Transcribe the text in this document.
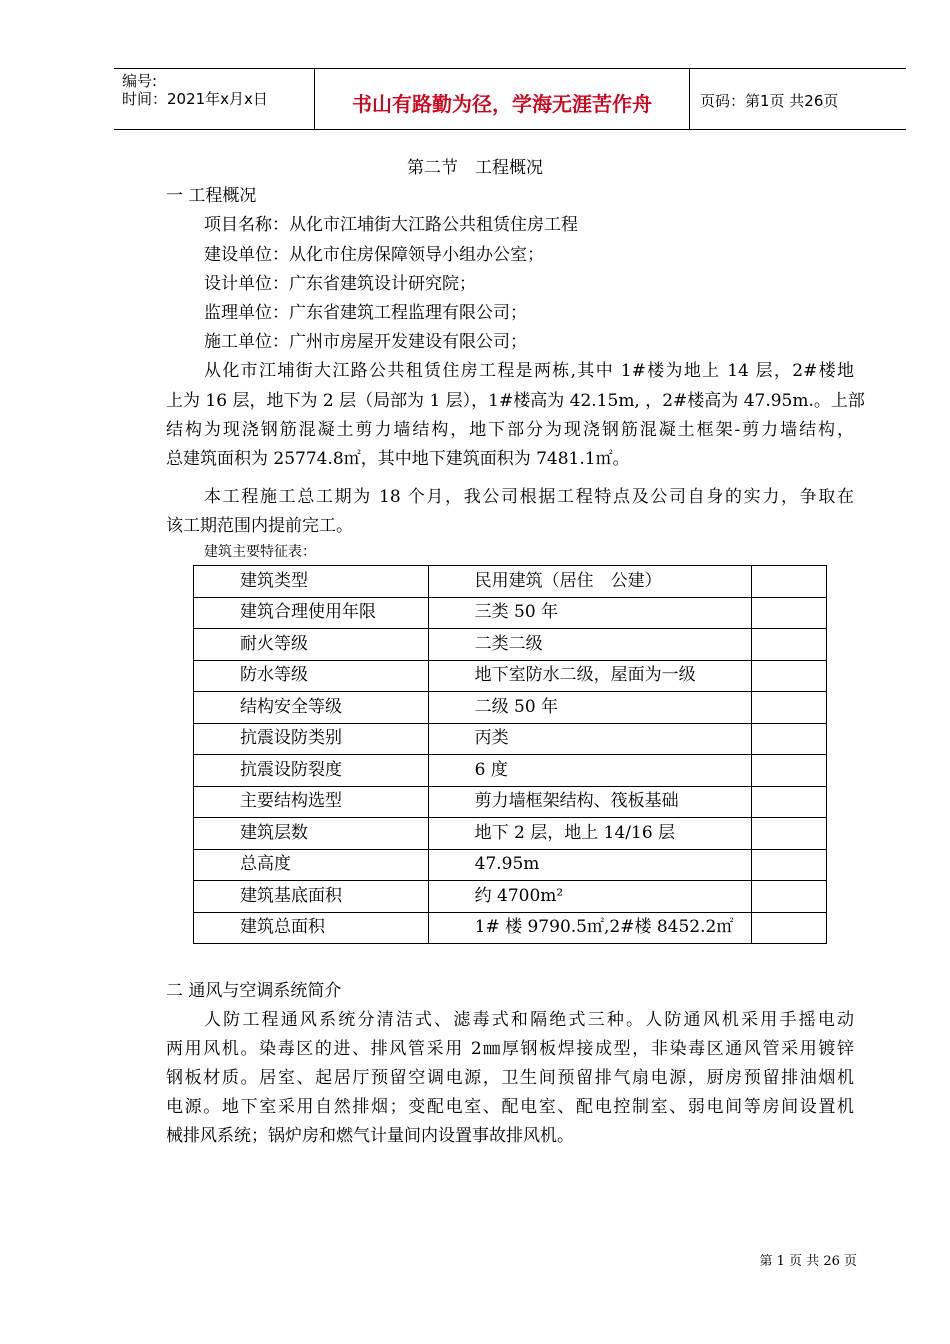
编号:
时间：2021年x月x日	书山有路勤为径，学海无涯苦作舟	页码：第1页 共26页
第二节　工程概况
一 工程概况
项目名称：从化市江埔街大江路公共租赁住房工程
建设单位：从化市住房保障领导小组办公室；
设计单位：广东省建筑设计研究院；
监理单位：广东省建筑工程监理有限公司；
施工单位：广州市房屋开发建设有限公司；
从化市江埔街大江路公共租赁住房工程是两栋,其中 1#楼为地上 14 层，2#楼地
上为 16 层，地下为 2 层（局部为 1 层），1#楼高为 42.15m, ，2#楼高为 47.95m.。上部
结构为现浇钢筋混凝土剪力墙结构，地下部分为现浇钢筋混凝土框架-剪力墙结构，
总建筑面积为 25774.8㎡，其中地下建筑面积为 7481.1㎡。
本工程施工总工期为 18 个月，我公司根据工程特点及公司自身的实力，争取在
该工期范围内提前完工。
建筑主要特征表：
建筑类型	民用建筑（居住　公建）	
建筑合理使用年限	三类 50 年	
耐火等级	二类二级	
防水等级	地下室防水二级，屋面为一级	
结构安全等级	二级 50 年	
抗震设防类别	丙类	
抗震设防裂度	6 度	
主要结构选型	剪力墙框架结构、筏板基础	
建筑层数	地下 2 层，地上 14/16 层	
总高度	47.95m	
建筑基底面积	约 4700m²	
建筑总面积	1# 楼 9790.5㎡,2#楼 8452.2㎡	
二 通风与空调系统简介
人防工程通风系统分清洁式、滤毒式和隔绝式三种。人防通风机采用手摇电动
两用风机。染毒区的进、排风管采用 2㎜厚钢板焊接成型，非染毒区通风管采用镀锌
钢板材质。居室、起居厅预留空调电源，卫生间预留排气扇电源，厨房预留排油烟机
电源。地下室采用自然排烟；变配电室、配电室、配电控制室、弱电间等房间设置机
械排风系统；锅炉房和燃气计量间内设置事故排风机。
第 1 页 共 26 页
